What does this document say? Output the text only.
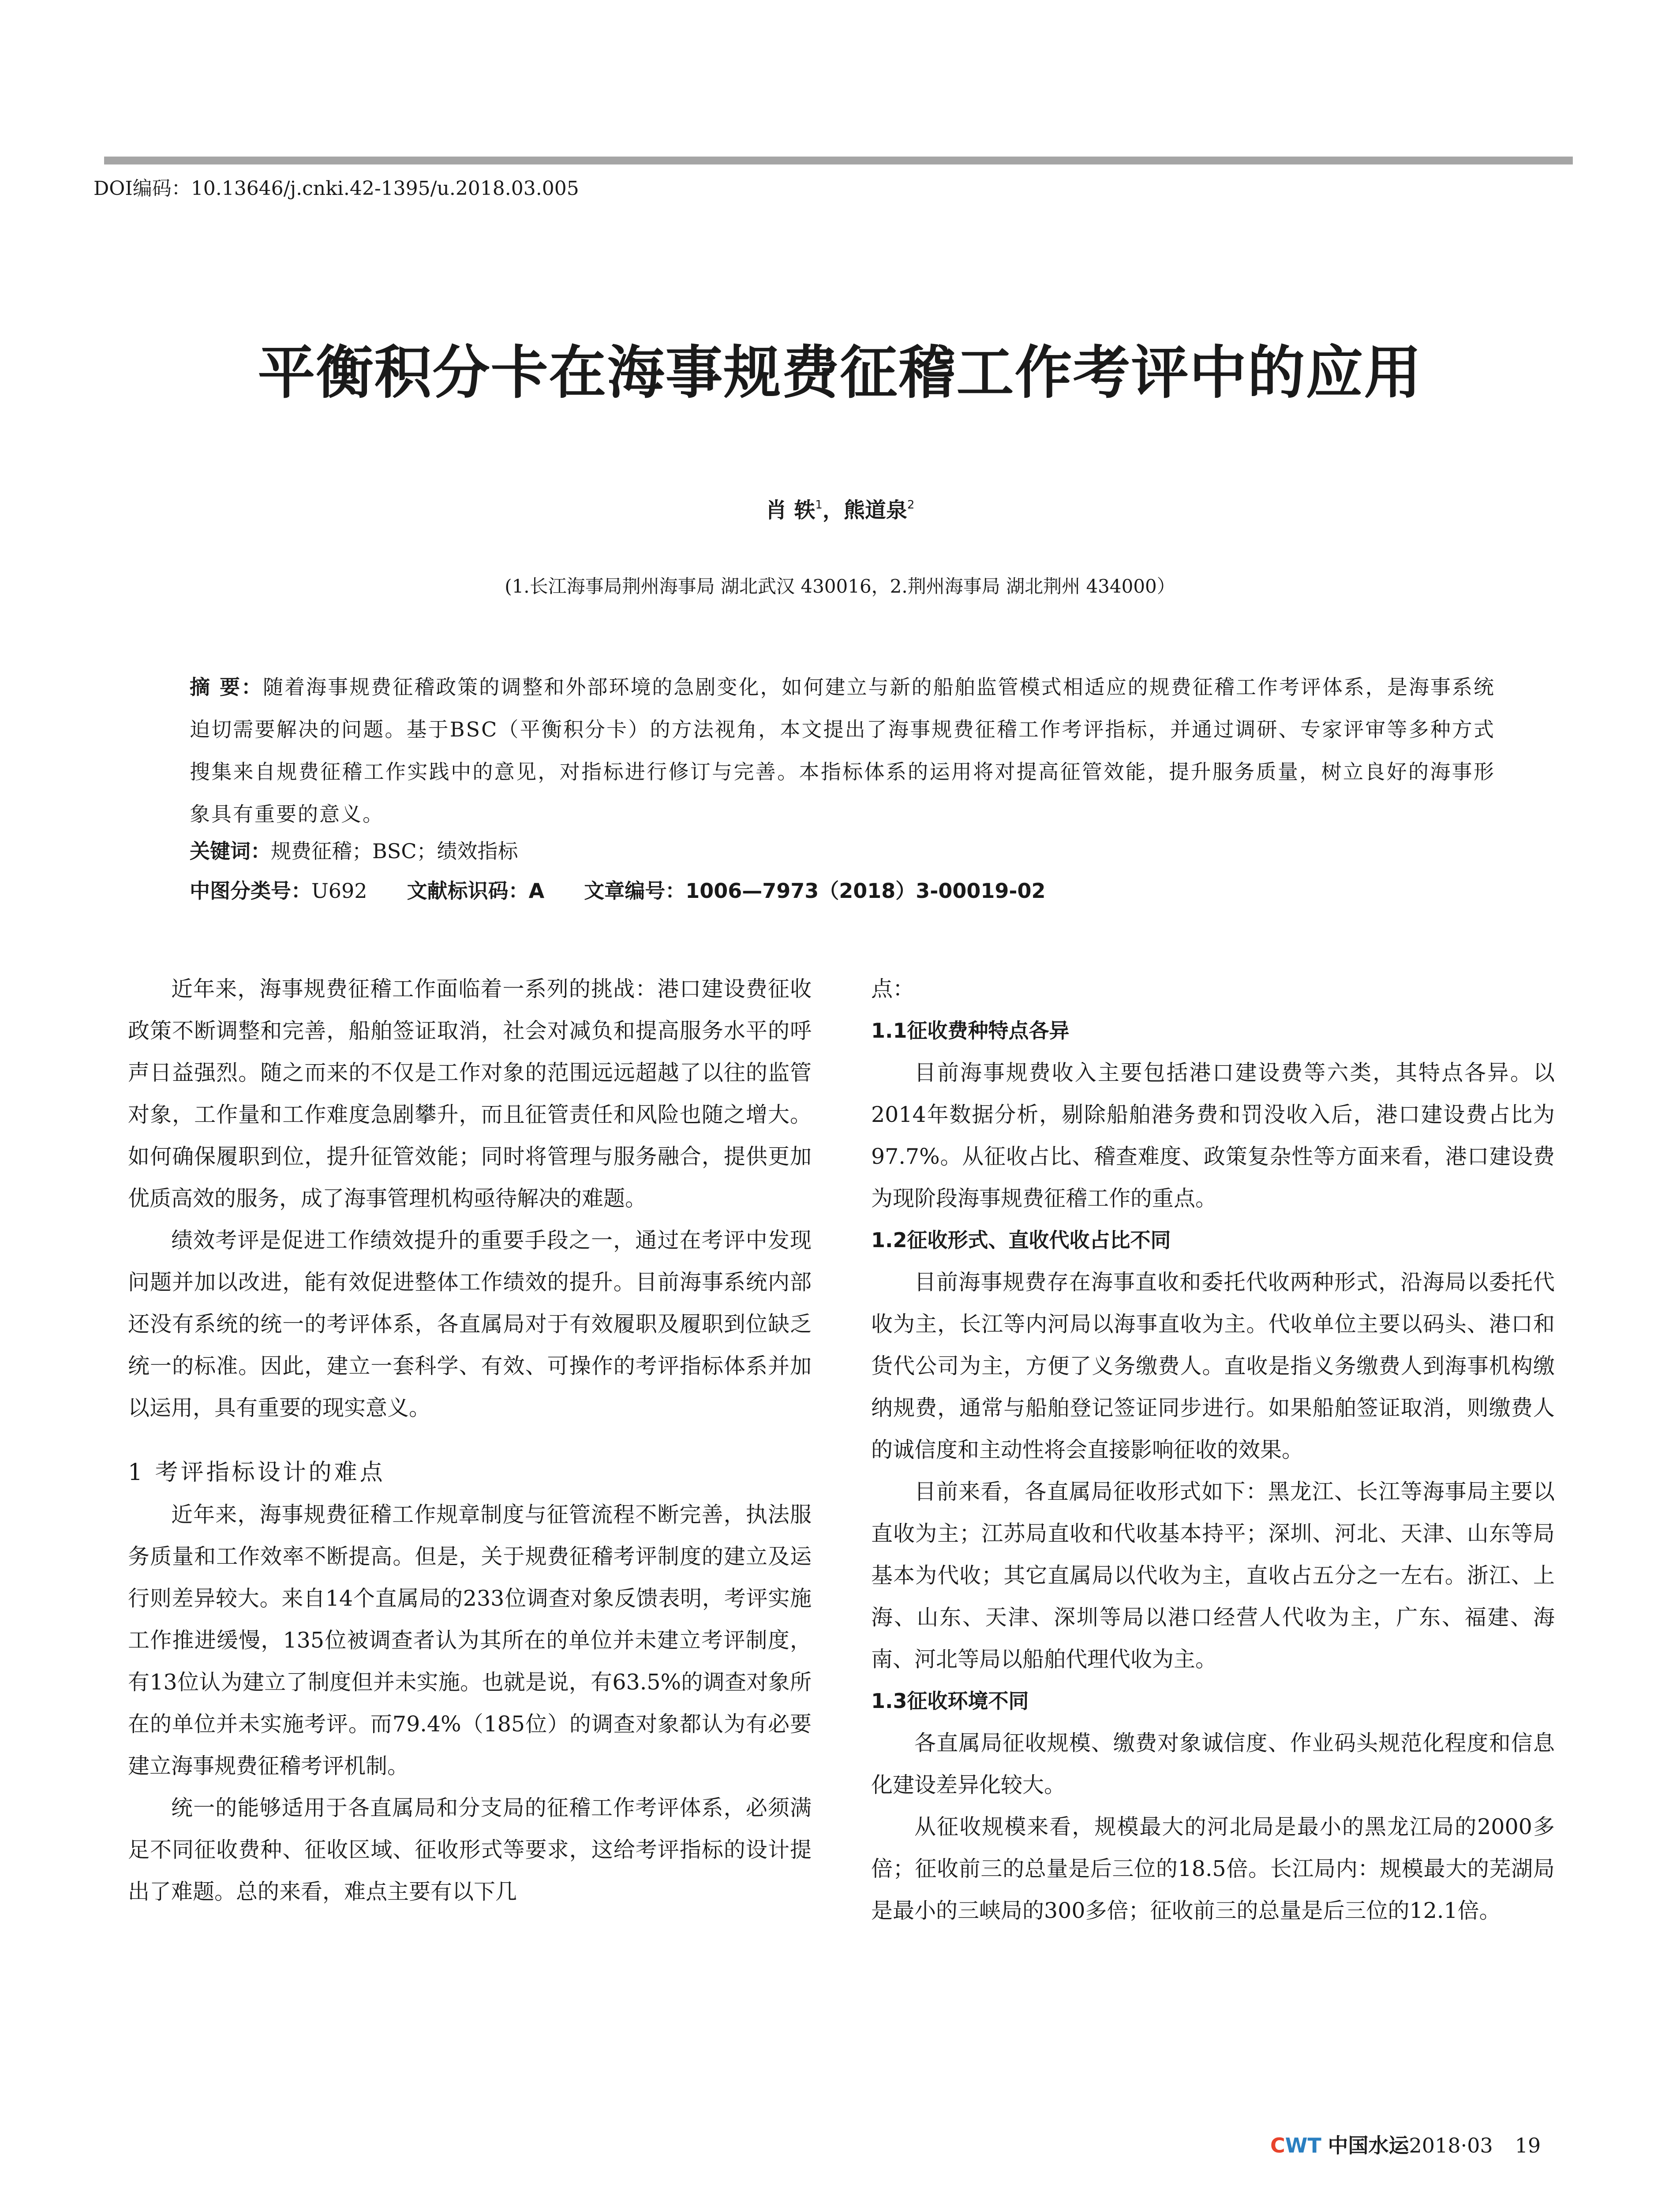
DOI编码：10.13646/j.cnki.42-1395/u.2018.03.005
平衡积分卡在海事规费征稽工作考评中的应用
肖 轶$^1$，熊道泉$^2$
(1.长江海事局荆州海事局 湖北武汉 430016，2.荆州海事局 湖北荆州 434000）
摘 要：随着海事规费征稽政策的调整和外部环境的急剧变化，如何建立与新的船舶监管模式相适应的规费征稽工作考评体系，是海事系统迫切需要解决的问题。基于BSC（平衡积分卡）的方法视角，本文提出了海事规费征稽工作考评指标，并通过调研、专家评审等多种方式搜集来自规费征稽工作实践中的意见，对指标进行修订与完善。本指标体系的运用将对提高征管效能，提升服务质量，树立良好的海事形象具有重要的意义。
关键词：规费征稽；BSC；绩效指标
中图分类号：U692 文献标识码：A 文章编号：1006—7973（2018）3-00019-02

近年来，海事规费征稽工作面临着一系列的挑战：港口建设费征收政策不断调整和完善，船舶签证取消，社会对减负和提高服务水平的呼声日益强烈。随之而来的不仅是工作对象的范围远远超越了以往的监管对象，工作量和工作难度急剧攀升，而且征管责任和风险也随之增大。如何确保履职到位，提升征管效能；同时将管理与服务融合，提供更加优质高效的服务，成了海事管理机构亟待解决的难题。

绩效考评是促进工作绩效提升的重要手段之一，通过在考评中发现问题并加以改进，能有效促进整体工作绩效的提升。目前海事系统内部还没有系统的统一的考评体系，各直属局对于有效履职及履职到位缺乏统一的标准。因此，建立一套科学、有效、可操作的考评指标体系并加以运用，具有重要的现实意义。

1 考评指标设计的难点

近年来，海事规费征稽工作规章制度与征管流程不断完善，执法服务质量和工作效率不断提高。但是，关于规费征稽考评制度的建立及运行则差异较大。来自14个直属局的233位调查对象反馈表明，考评实施工作推进缓慢，135位被调查者认为其所在的单位并未建立考评制度，有13位认为建立了制度但并未实施。也就是说，有63.5%的调查对象所在的单位并未实施考评。而79.4%（185位）的调查对象都认为有必要建立海事规费征稽考评机制。

统一的能够适用于各直属局和分支局的征稽工作考评体系，必须满足不同征收费种、征收区域、征收形式等要求，这给考评指标的设计提出了难题。总的来看，难点主要有以下几

点：

1.1征收费种特点各异

目前海事规费收入主要包括港口建设费等六类，其特点各异。以2014年数据分析，剔除船舶港务费和罚没收入后，港口建设费占比为97.7%。从征收占比、稽查难度、政策复杂性等方面来看，港口建设费为现阶段海事规费征稽工作的重点。

1.2征收形式、直收代收占比不同

目前海事规费存在海事直收和委托代收两种形式，沿海局以委托代收为主，长江等内河局以海事直收为主。代收单位主要以码头、港口和货代公司为主，方便了义务缴费人。直收是指义务缴费人到海事机构缴纳规费，通常与船舶登记签证同步进行。如果船舶签证取消，则缴费人的诚信度和主动性将会直接影响征收的效果。

目前来看，各直属局征收形式如下：黑龙江、长江等海事局主要以直收为主；江苏局直收和代收基本持平；深圳、河北、天津、山东等局基本为代收；其它直属局以代收为主，直收占五分之一左右。浙江、上海、山东、天津、深圳等局以港口经营人代收为主，广东、福建、海南、河北等局以船舶代理代收为主。

1.3征收环境不同

各直属局征收规模、缴费对象诚信度、作业码头规范化程度和信息化建设差异化较大。

从征收规模来看，规模最大的河北局是最小的黑龙江局的2000多倍；征收前三的总量是后三位的18.5倍。长江局内：规模最大的芜湖局是最小的三峡局的300多倍；征收前三的总量是后三位的12.1倍。

CWT 中国水运2018·03 19
